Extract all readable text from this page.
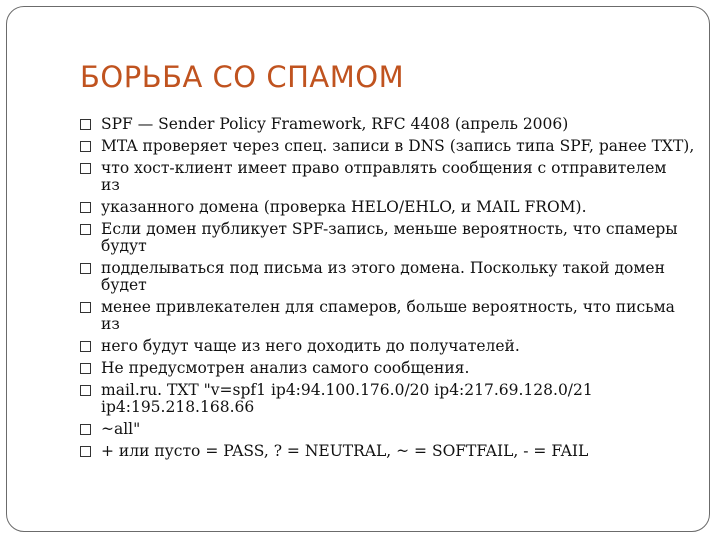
БОРЬБА СО СПАМОМ
SPF — Sender Policy Framework, RFC 4408 (апрель 2006)
MTA проверяет через спец. записи в DNS (запись типа SPF, ранее TXT),
что хост-клиент имеет право отправлять сообщения с отправителем
из
указанного домена (проверка HELO/EHLO, и MAIL FROM).
Если домен публикует SPF-запись, меньше вероятность, что спамеры
будут
подделываться под письма из этого домена. Поскольку такой домен
будет
менее привлекателен для спамеров, больше вероятность, что письма
из
него будут чаще из него доходить до получателей.
Не предусмотрен анализ самого сообщения.
mail.ru. TXT "v=spf1 ip4:94.100.176.0/20 ip4:217.69.128.0/21
ip4:195.218.168.66
~all"
+ или пусто = PASS, ? = NEUTRAL, ~ = SOFTFAIL, - = FAIL
